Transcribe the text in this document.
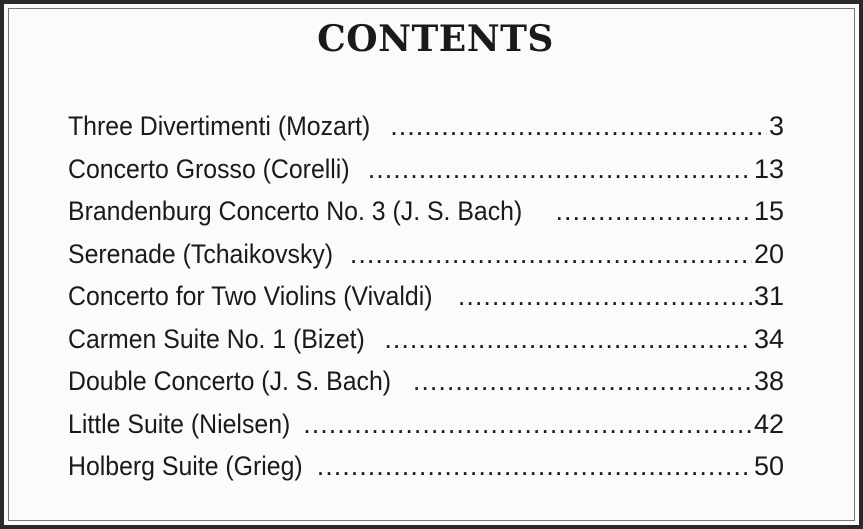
CONTENTS
Three Divertimenti (Mozart) .....	3
Concerto Grosso (Corelli) .....	13
Brandenburg Concerto No. 3 (J. S. Bach) .....	15
Serenade (Tchaikovsky) .....	20
Concerto for Two Violins (Vivaldi) .....	31
Carmen Suite No. 1 (Bizet) .....	34
Double Concerto (J. S. Bach) .....	38
Little Suite (Nielsen) .....	42
Holberg Suite (Grieg) .....	50
